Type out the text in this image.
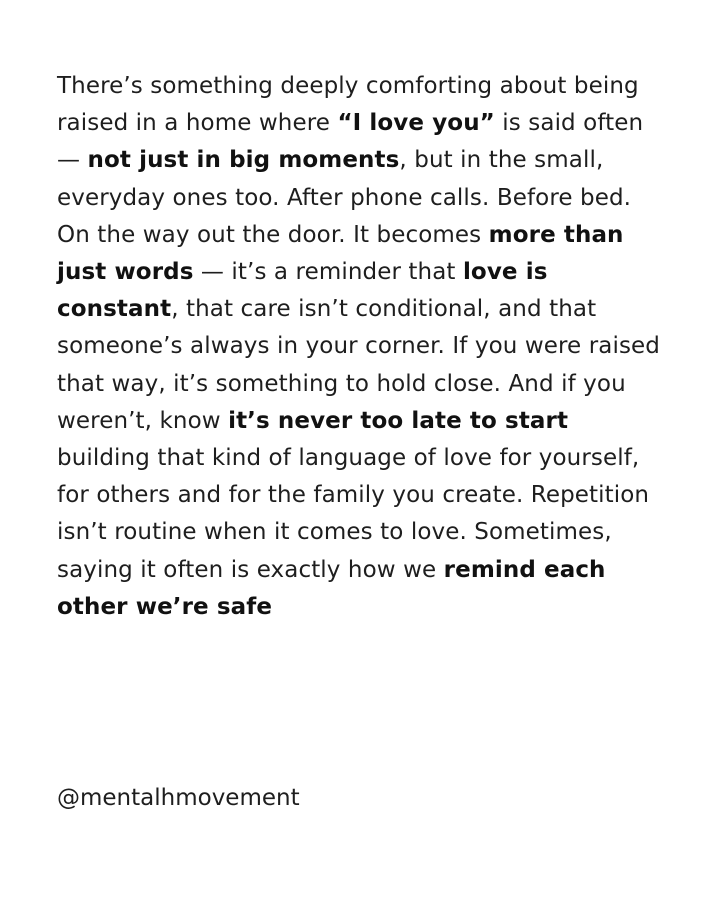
There’s something deeply comforting about being raised in a home where “I love you” is said often — not just in big moments, but in the small, everyday ones too. After phone calls. Before bed. On the way out the door. It becomes more than just words — it’s a reminder that love is constant, that care isn’t conditional, and that someone’s always in your corner. If you were raised that way, it’s something to hold close. And if you weren’t, know it’s never too late to start building that kind of language of love for yourself, for others and for the family you create. Repetition isn’t routine when it comes to love. Sometimes, saying it often is exactly how we remind each other we’re safe

@mentalhmovement
